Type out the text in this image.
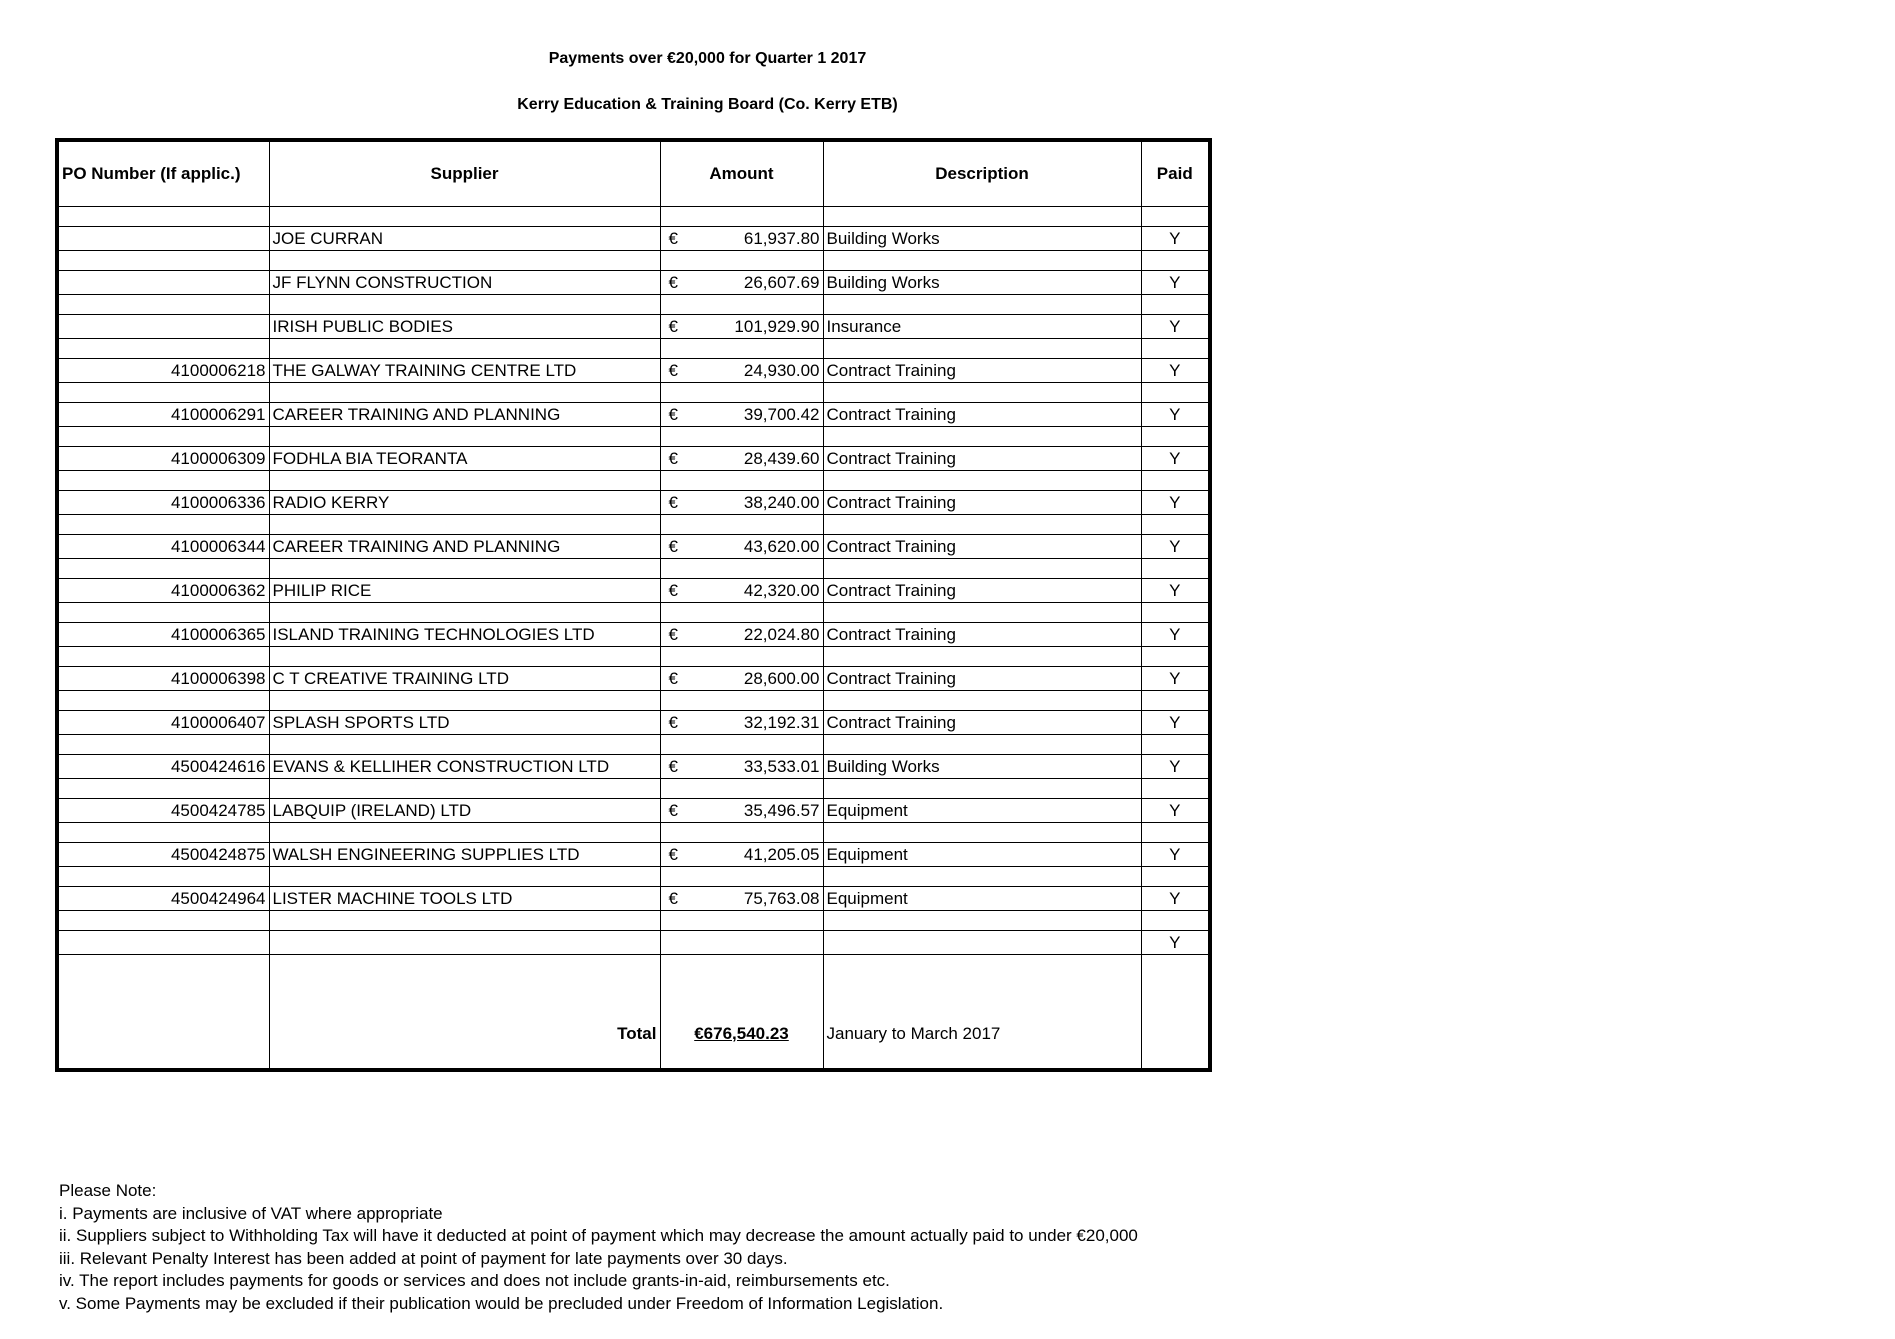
Payments over €20,000 for Quarter 1 2017
Kerry Education & Training Board (Co. Kerry ETB)
PO Number (If applic.)	Supplier	Amount	Description	Paid

	JOE CURRAN	€ 61,937.80	Building Works	Y

	JF FLYNN CONSTRUCTION	€ 26,607.69	Building Works	Y

	IRISH PUBLIC BODIES	€ 101,929.90	Insurance	Y

4100006218	THE GALWAY TRAINING CENTRE LTD	€ 24,930.00	Contract Training	Y

4100006291	CAREER TRAINING AND PLANNING	€ 39,700.42	Contract Training	Y

4100006309	FODHLA BIA TEORANTA	€ 28,439.60	Contract Training	Y

4100006336	RADIO KERRY	€ 38,240.00	Contract Training	Y

4100006344	CAREER TRAINING AND PLANNING	€ 43,620.00	Contract Training	Y

4100006362	PHILIP RICE	€ 42,320.00	Contract Training	Y

4100006365	ISLAND TRAINING TECHNOLOGIES LTD	€ 22,024.80	Contract Training	Y

4100006398	C T CREATIVE TRAINING LTD	€ 28,600.00	Contract Training	Y

4100006407	SPLASH SPORTS LTD	€ 32,192.31	Contract Training	Y

4500424616	EVANS & KELLIHER CONSTRUCTION LTD	€ 33,533.01	Building Works	Y

4500424785	LABQUIP (IRELAND) LTD	€ 35,496.57	Equipment	Y

4500424875	WALSH ENGINEERING SUPPLIES LTD	€ 41,205.05	Equipment	Y

4500424964	LISTER MACHINE TOOLS LTD	€ 75,763.08	Equipment	Y

				Y
	Total	€676,540.23	January to March 2017	
Please Note:
i. Payments are inclusive of VAT where appropriate
ii. Suppliers subject to Withholding Tax will have it deducted at point of payment which may decrease the amount actually paid to under €20,000
iii. Relevant Penalty Interest has been added at point of payment for late payments over 30 days.
iv. The report includes payments for goods or services and does not include grants-in-aid, reimbursements etc.
v. Some Payments may be excluded if their publication would be precluded under Freedom of Information Legislation.
